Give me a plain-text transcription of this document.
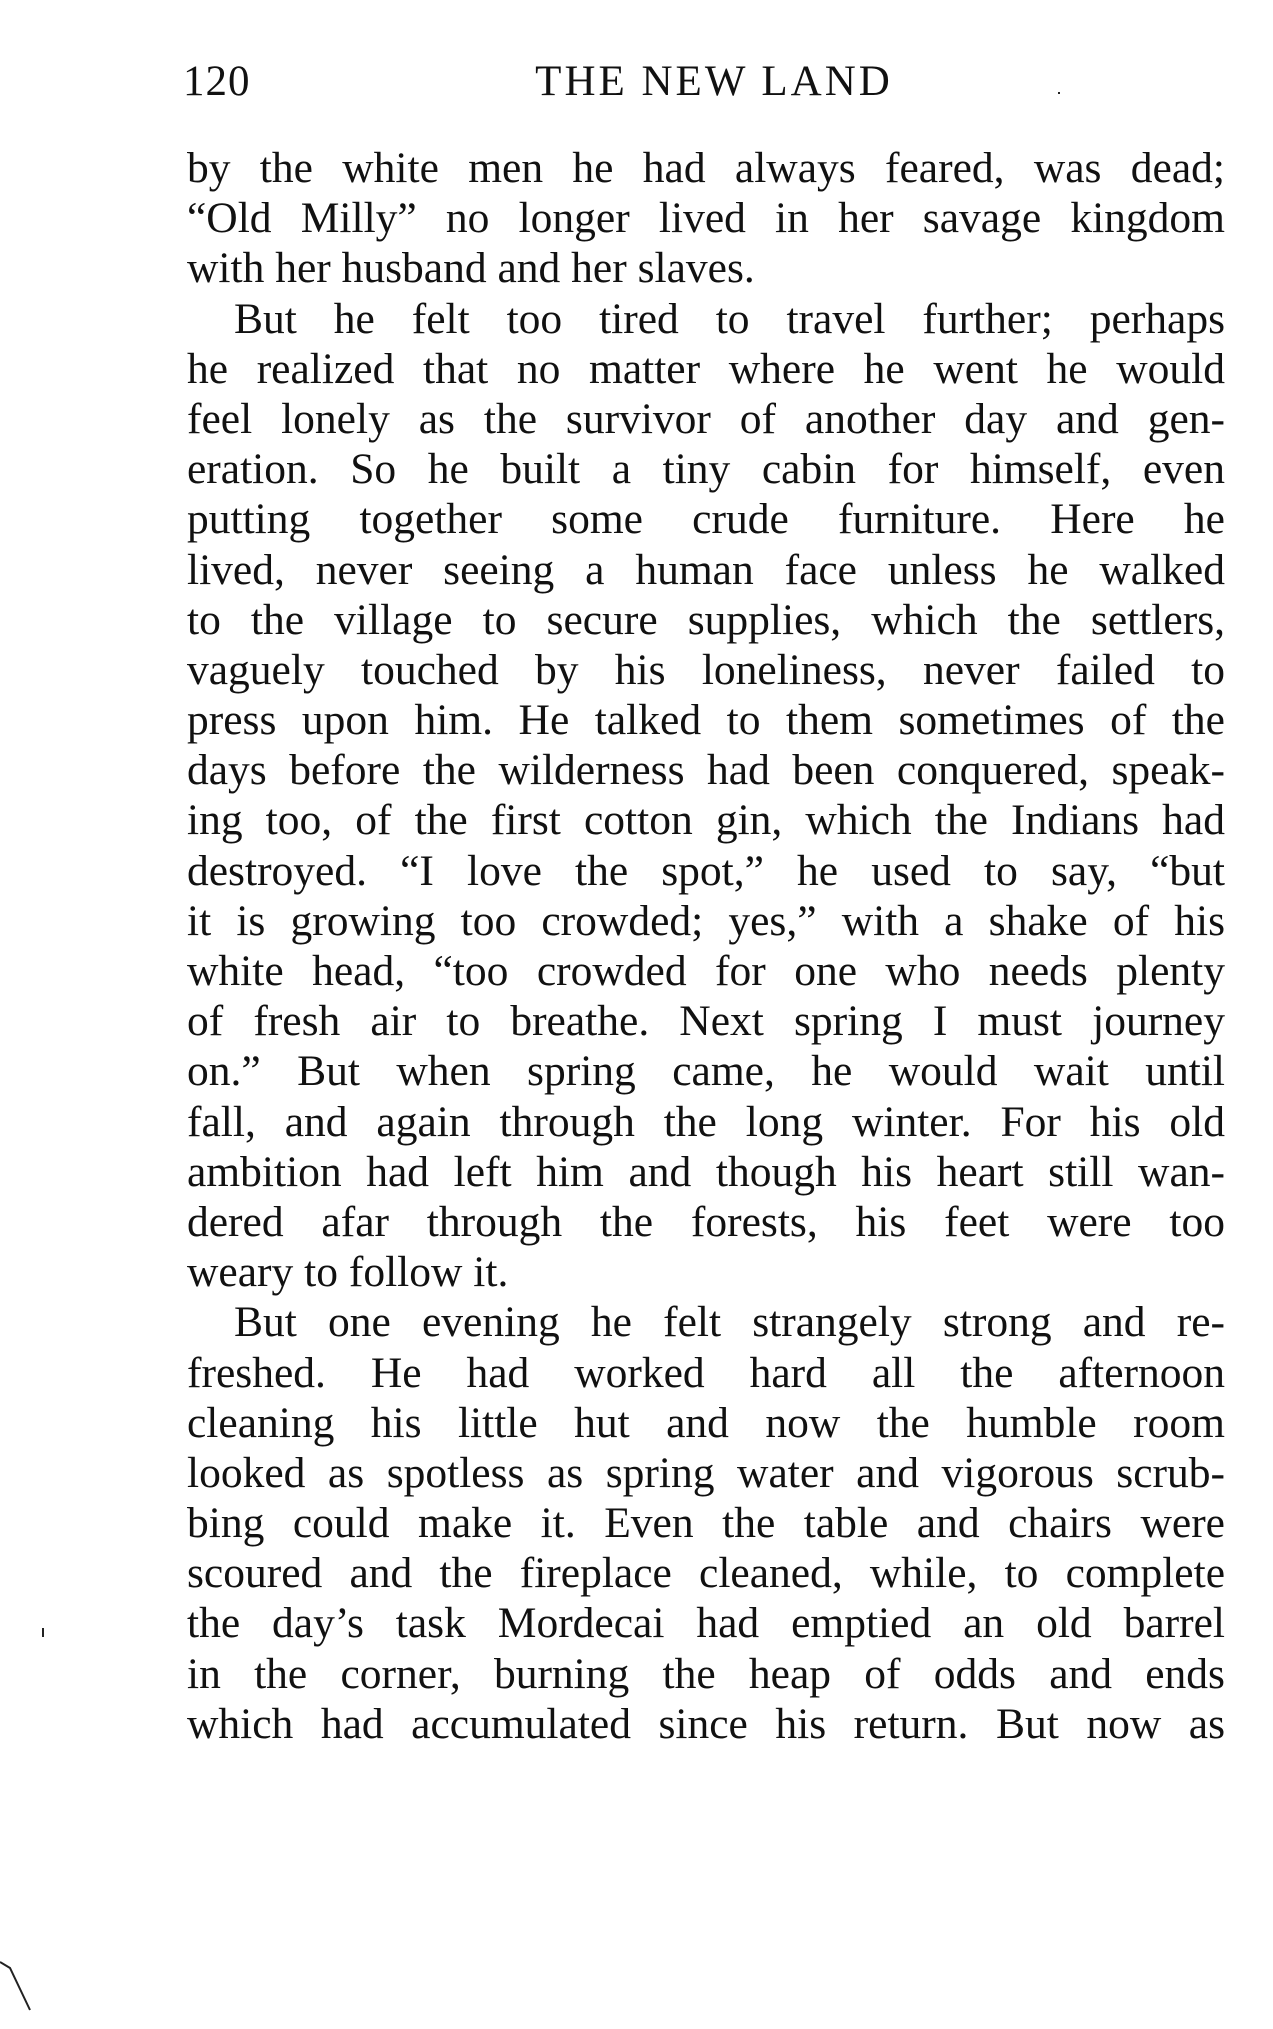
120	THE NEW LAND
by the white men he had always feared, was dead;
“Old Milly” no longer lived in her savage kingdom
with her husband and her slaves.
But he felt too tired to travel further; perhaps
he realized that no matter where he went he would
feel lonely as the survivor of another day and gen-
eration. So he built a tiny cabin for himself, even
putting together some crude furniture. Here he
lived, never seeing a human face unless he walked
to the village to secure supplies, which the settlers,
vaguely touched by his loneliness, never failed to
press upon him. He talked to them sometimes of the
days before the wilderness had been conquered, speak-
ing too, of the first cotton gin, which the Indians had
destroyed. “I love the spot,” he used to say, “but
it is growing too crowded; yes,” with a shake of his
white head, “too crowded for one who needs plenty
of fresh air to breathe. Next spring I must journey
on.” But when spring came, he would wait until
fall, and again through the long winter. For his old
ambition had left him and though his heart still wan-
dered afar through the forests, his feet were too
weary to follow it.
But one evening he felt strangely strong and re-
freshed. He had worked hard all the afternoon
cleaning his little hut and now the humble room
looked as spotless as spring water and vigorous scrub-
bing could make it. Even the table and chairs were
scoured and the fireplace cleaned, while, to complete
the day’s task Mordecai had emptied an old barrel
in the corner, burning the heap of odds and ends
which had accumulated since his return. But now as
